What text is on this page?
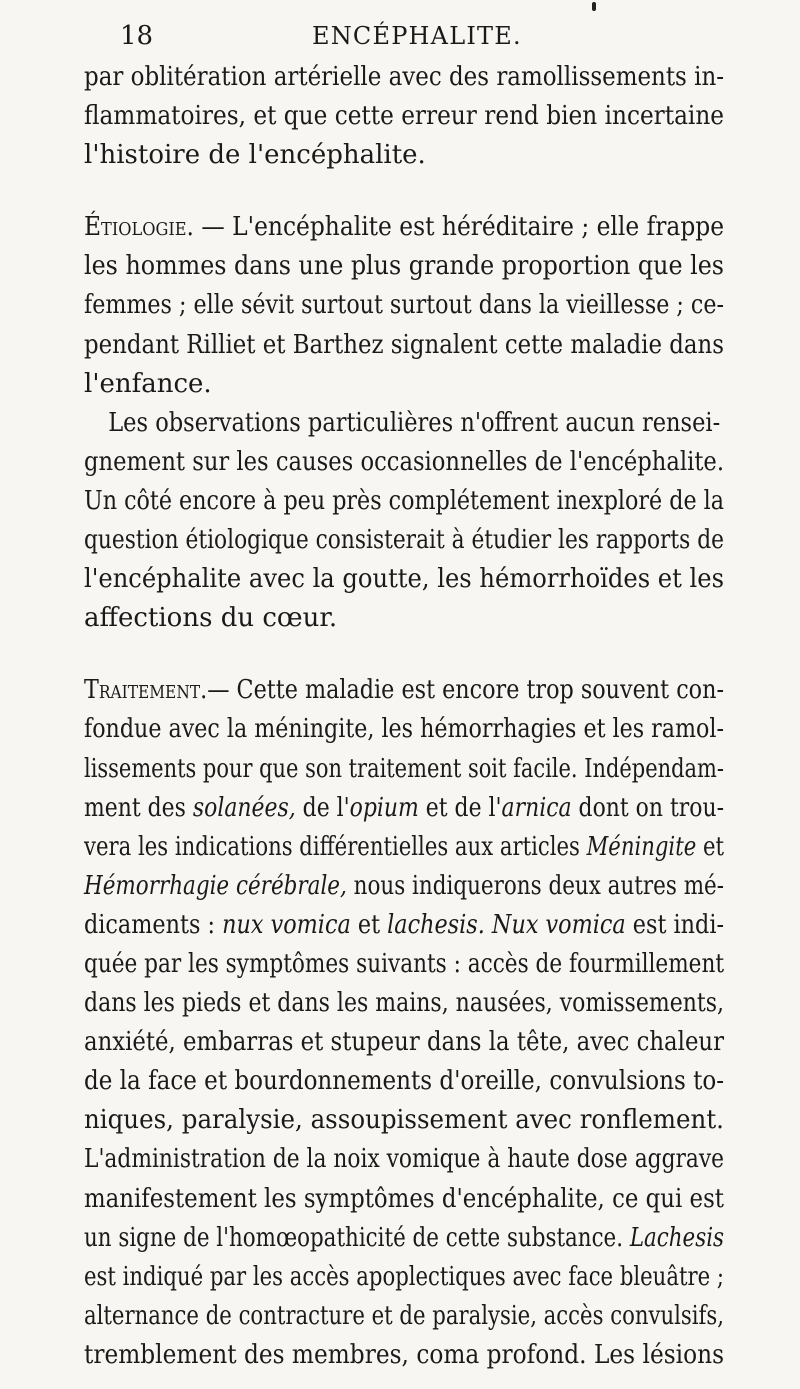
18	ENCÉPHALITE.
par oblitération artérielle avec des ramollissements in-
flammatoires, et que cette erreur rend bien incertaine
l'histoire de l'encéphalite.
Étiologie. — L'encéphalite est héréditaire ; elle frappe
les hommes dans une plus grande proportion que les
femmes ; elle sévit surtout surtout dans la vieillesse ; ce-
pendant Rilliet et Barthez signalent cette maladie dans
l'enfance.
Les observations particulières n'offrent aucun rensei-
gnement sur les causes occasionnelles de l'encéphalite.
Un côté encore à peu près complétement inexploré de la
question étiologique consisterait à étudier les rapports de
l'encéphalite avec la goutte, les hémorrhoïdes et les
affections du cœur.
Traitement.— Cette maladie est encore trop souvent con-
fondue avec la méningite, les hémorrhagies et les ramol-
lissements pour que son traitement soit facile. Indépendam-
ment des solanées, de l'opium et de l'arnica dont on trou-
vera les indications différentielles aux articles Méningite et
Hémorrhagie cérébrale, nous indiquerons deux autres mé-
dicaments : nux vomica et lachesis. Nux vomica est indi-
quée par les symptômes suivants : accès de fourmillement
dans les pieds et dans les mains, nausées, vomissements,
anxiété, embarras et stupeur dans la tête, avec chaleur
de la face et bourdonnements d'oreille, convulsions to-
niques, paralysie, assoupissement avec ronflement.
L'administration de la noix vomique à haute dose aggrave
manifestement les symptômes d'encéphalite, ce qui est
un signe de l'homœopathicité de cette substance. Lachesis
est indiqué par les accès apoplectiques avec face bleuâtre ;
alternance de contracture et de paralysie, accès convulsifs,
tremblement des membres, coma profond. Les lésions
